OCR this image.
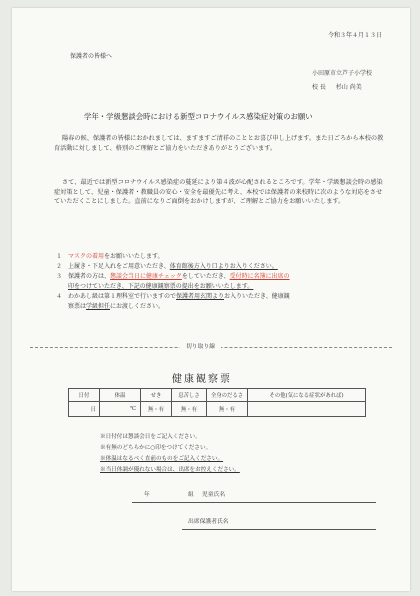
令和３年４月１３日
保護者の皆様へ
小田原市立芦子小学校
校 長 杉山 尚美
学年・学級懇談会時における新型コロナウイルス感染症対策のお願い
陽春の候、保護者の皆様におかれましては、ますますご清祥のこととお喜び申し上げます。また日ごろから本校の教育活動に対しまして、格別のご理解とご協力をいただきありがとうございます。
さて、最近では新型コロナウイルス感染症の蔓延により第４波が心配されるところです。学年・学級懇談会時の感染症対策として、児童・保護者・教職員の安心・安全を最優先に考え、本校では保護者の来校時に次のような対応をさせていただくことにしました。直前になりご面倒をおかけしますが、ご理解とご協力をお願いいたします。
１ マスクの着用をお願いいたします。
２ 上履き・下足入れをご用意いただき、体育館後方入り口よりお入りください。
３ 保護者の方は、懇談会当日に健康チェックをしていただき、受付時に名簿に出席の
印をつけていただき、下記の健康観察票の提出をお願いいたします。
４ わかあし級は第１理科室で行いますので保護者用玄関よりお入りいただき、健康観
察票は学級担任にお渡しください。
切り取り線
健康観察票
日付	体温	せき	息苦しさ	全身のだるさ	その他(気になる症状があれば)
日	℃	無・有	無・有	無・有	
※日付付は懇談会日をご記入ください。
※有無のどちらかに○印をつけてください。
※体温はなるべく直前のものをご記入ください。
※当日体調が優れない場合は、出席をお控えください。
年	組 児童氏名
出席保護者氏名
